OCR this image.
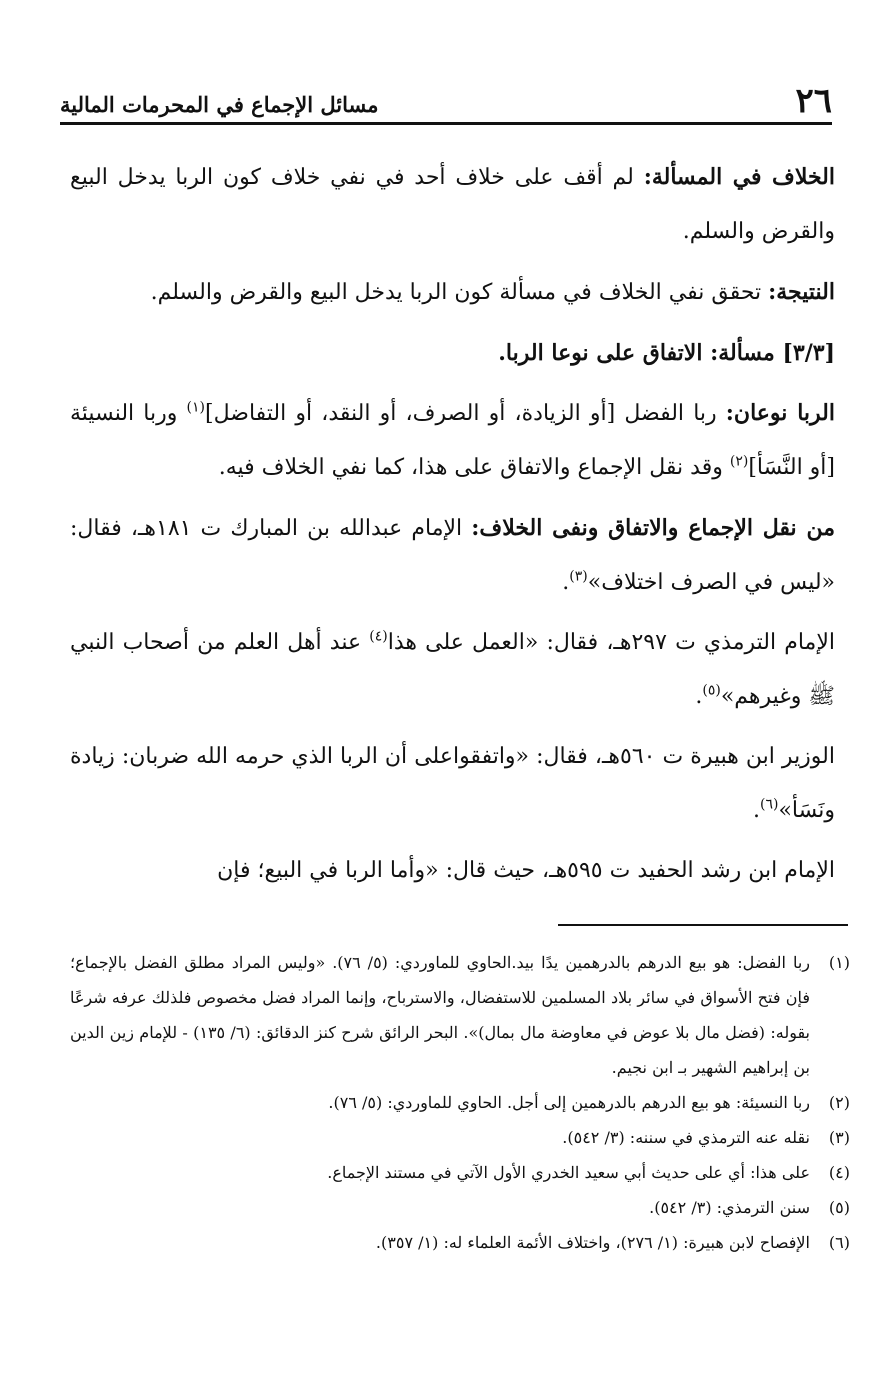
٢٦
مسائل الإجماع في المحرمات المالية

الخلاف في المسألة: لم أقف على خلاف أحد في نفي خلاف كون الربا يدخل البيع والقرض والسلم.

النتيجة: تحقق نفي الخلاف في مسألة كون الربا يدخل البيع والقرض والسلم.

[٣/٣] مسألة: الاتفاق على نوعا الربا.

الربا نوعان: ربا الفضل [أو الزيادة، أو الصرف، أو النقد، أو التفاضل]$^{(١)}$ وربا النسيئة [أو النَّسَأ]$^{(٢)}$ وقد نقل الإجماع والاتفاق على هذا، كما نفي الخلاف فيه.

من نقل الإجماع والاتفاق ونفى الخلاف: الإمام عبدالله بن المبارك ت ١٨١هـ، فقال: «ليس في الصرف اختلاف»$^{(٣)}$.

الإمام الترمذي ت ٢٩٧هـ، فقال: «العمل على هذا$^{(٤)}$ عند أهل العلم من أصحاب النبي ﷺ وغيرهم»$^{(٥)}$.

الوزير ابن هبيرة ت ٥٦٠هـ، فقال: «واتفقواعلى أن الربا الذي حرمه الله ضربان: زيادة ونَسَأ»$^{(٦)}$.

الإمام ابن رشد الحفيد ت ٥٩٥هـ، حيث قال: «وأما الربا في البيع؛ فإن

(١)
ربا الفضل: هو بيع الدرهم بالدرهمين يدًا بيد.الحاوي للماوردي: (٥/ ٧٦). «وليس المراد مطلق الفضل بالإجماع؛ فإن فتح الأسواق في سائر بلاد المسلمين للاستفضال، والاسترباح، وإنما المراد فضل مخصوص فلذلك عرفه شرعًا بقوله: (فضل مال بلا عوض في معاوضة مال بمال)». البحر الرائق شرح كنز الدقائق: (٦/ ١٣٥) - للإمام زين الدين بن إبراهيم الشهير بـ ابن نجيم.
(٢)
ربا النسيئة: هو بيع الدرهم بالدرهمين إلى أجل. الحاوي للماوردي: (٥/ ٧٦).
(٣)
نقله عنه الترمذي في سننه: (٣/ ٥٤٢).
(٤)
على هذا: أي على حديث أبي سعيد الخدري الأول الآتي في مستند الإجماع.
(٥)
سنن الترمذي: (٣/ ٥٤٢).
(٦)
الإفصاح لابن هبيرة: (١/ ٢٧٦)، واختلاف الأئمة العلماء له: (١/ ٣٥٧).
